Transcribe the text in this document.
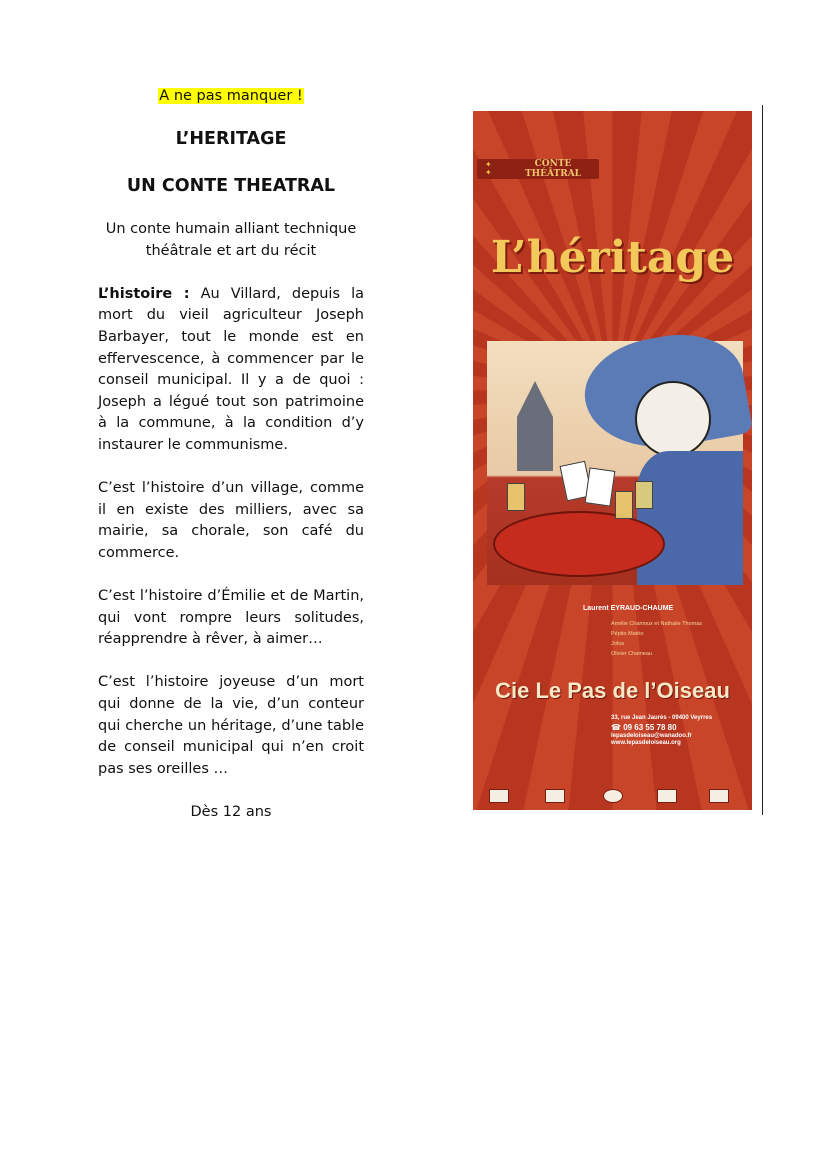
A ne pas manquer !
L’HERITAGE
UN CONTE THEATRAL
Un conte humain alliant technique
théâtrale et art du récit

L’histoire : Au Villard, depuis la mort du vieil agriculteur Joseph Barbayer, tout le monde est en effervescence, à commencer par le conseil municipal. Il y a de quoi : Joseph a légué tout son patrimoine à la commune, à la condition d’y instaurer le communisme.

C’est l’histoire d’un village, comme il en existe des milliers, avec sa mairie, sa chorale, son café du commerce.

C’est l’histoire d’Émilie et de Martin, qui vont rompre leurs solitudes, réapprendre à rêver, à aimer…

C’est l’histoire joyeuse d’un mort qui donne de la vie, d’un conteur qui cherche un héritage, d’une table de conseil municipal qui n’en croit pas ses oreilles …

Dès 12 ans
✦
✦
CONTE
THÉÂTRAL
L’héritage
Laurent EYRAUD-CHAUME
Amélie Chamoux et Nathalie Thomas
Pépito Matéo
Jofus
Olivier Chameau
Cie Le Pas de l’Oiseau
33, rue Jean Jaurès - 09400 Veyrres
☎ 09 63 55 78 80
lepasdeloiseau@wanadoo.fr
www.lepasdeloiseau.org
